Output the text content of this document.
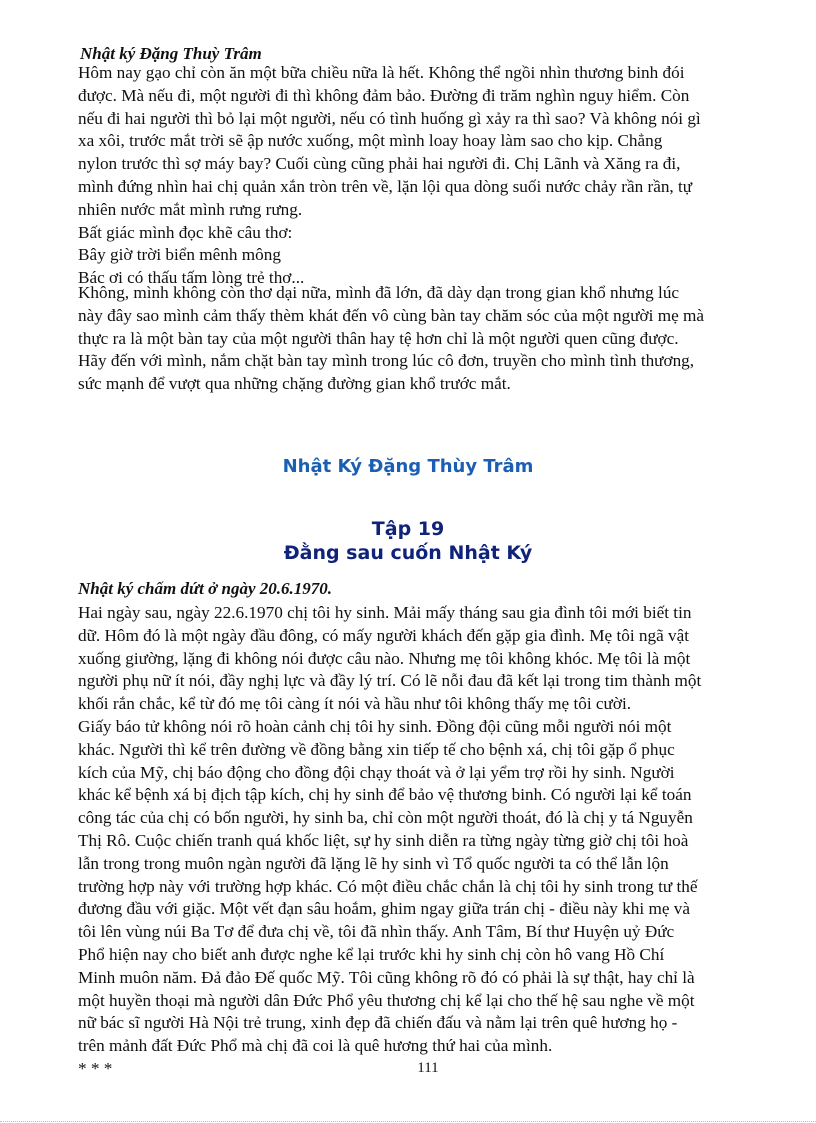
Nhật ký Đặng Thuỳ Trâm

Hôm nay gạo chỉ còn ăn một bữa chiều nữa là hết. Không thể ngồi nhìn thương binh đói

được. Mà nếu đi, một người đi thì không đảm bảo. Đường đi trăm nghìn nguy hiểm. Còn

nếu đi hai người thì bỏ lại một người, nếu có tình huống gì xảy ra thì sao? Và không nói gì

xa xôi, trước mắt trời sẽ ập nước xuống, một mình loay hoay làm sao cho kịp. Chẳng

nylon trước thì sợ máy bay? Cuối cùng cũng phải hai người đi. Chị Lãnh và Xăng ra đi,

mình đứng nhìn hai chị quản xắn tròn trên về, lặn lội qua dòng suối nước chảy rần rần, tự

nhiên nước mắt mình rưng rưng.

Bất giác mình đọc khẽ câu thơ:

Bây giờ trời biển mênh mông

Bác ơi có thấu tấm lòng trẻ thơ...

Không, mình không còn thơ dại nữa, mình đã lớn, đã dày dạn trong gian khổ nhưng lúc

này đây sao mình cảm thấy thèm khát đến vô cùng bàn tay chăm sóc của một người mẹ mà

thực ra là một bàn tay của một người thân hay tệ hơn chỉ là một người quen cũng được.

Hãy đến với mình, nắm chặt bàn tay mình trong lúc cô đơn, truyền cho mình tình thương,

sức mạnh để vượt qua những chặng đường gian khổ trước mắt.

Nhật Ký Đặng Thùy Trâm
Tập 19
Đằng sau cuốn Nhật Ký
Nhật ký chấm dứt ở ngày 20.6.1970.

Hai ngày sau, ngày 22.6.1970 chị tôi hy sinh. Mải mấy tháng sau gia đình tôi mới biết tin

dữ. Hôm đó là một ngày đầu đông, có mấy người khách đến gặp gia đình. Mẹ tôi ngã vật

xuống giường, lặng đi không nói được câu nào. Nhưng mẹ tôi không khóc. Mẹ tôi là một

người phụ nữ ít nói, đầy nghị lực và đầy lý trí. Có lẽ nỗi đau đã kết lại trong tim thành một

khối rắn chắc, kể từ đó mẹ tôi càng ít nói và hầu như tôi không thấy mẹ tôi cười.

Giấy báo tử không nói rõ hoàn cảnh chị tôi hy sinh. Đồng đội cũng mỗi người nói một

khác. Người thì kể trên đường về đồng bằng xin tiếp tế cho bệnh xá, chị tôi gặp ổ phục

kích của Mỹ, chị báo động cho đồng đội chạy thoát và ở lại yểm trợ rồi hy sinh. Người

khác kể bệnh xá bị địch tập kích, chị hy sinh để bảo vệ thương binh. Có người lại kể toán

công tác của chị có bốn người, hy sinh ba, chỉ còn một người thoát, đó là chị y tá Nguyễn

Thị Rô. Cuộc chiến tranh quá khốc liệt, sự hy sinh diễn ra từng ngày từng giờ chị tôi hoà

lẫn trong trong muôn ngàn người đã lặng lẽ hy sinh vì Tổ quốc người ta có thể lẫn lộn

trường hợp này với trường hợp khác. Có một điều chắc chắn là chị tôi hy sinh trong tư thế

đương đầu với giặc. Một vết đạn sâu hoắm, ghim ngay giữa trán chị - điều này khi mẹ và

tôi lên vùng núi Ba Tơ để đưa chị về, tôi đã nhìn thấy. Anh Tâm, Bí thư Huyện uỷ Đức

Phổ hiện nay cho biết anh được nghe kể lại trước khi hy sinh chị còn hô vang Hồ Chí

Minh muôn năm. Đả đảo Đế quốc Mỹ. Tôi cũng không rõ đó có phải là sự thật, hay chỉ là

một huyền thoại mà người dân Đức Phổ yêu thương chị kể lại cho thế hệ sau nghe về một

nữ bác sĩ người Hà Nội trẻ trung, xinh đẹp đã chiến đấu và nằm lại trên quê hương họ -

trên mảnh đất Đức Phổ mà chị đã coi là quê hương thứ hai của mình.

* * *	111
